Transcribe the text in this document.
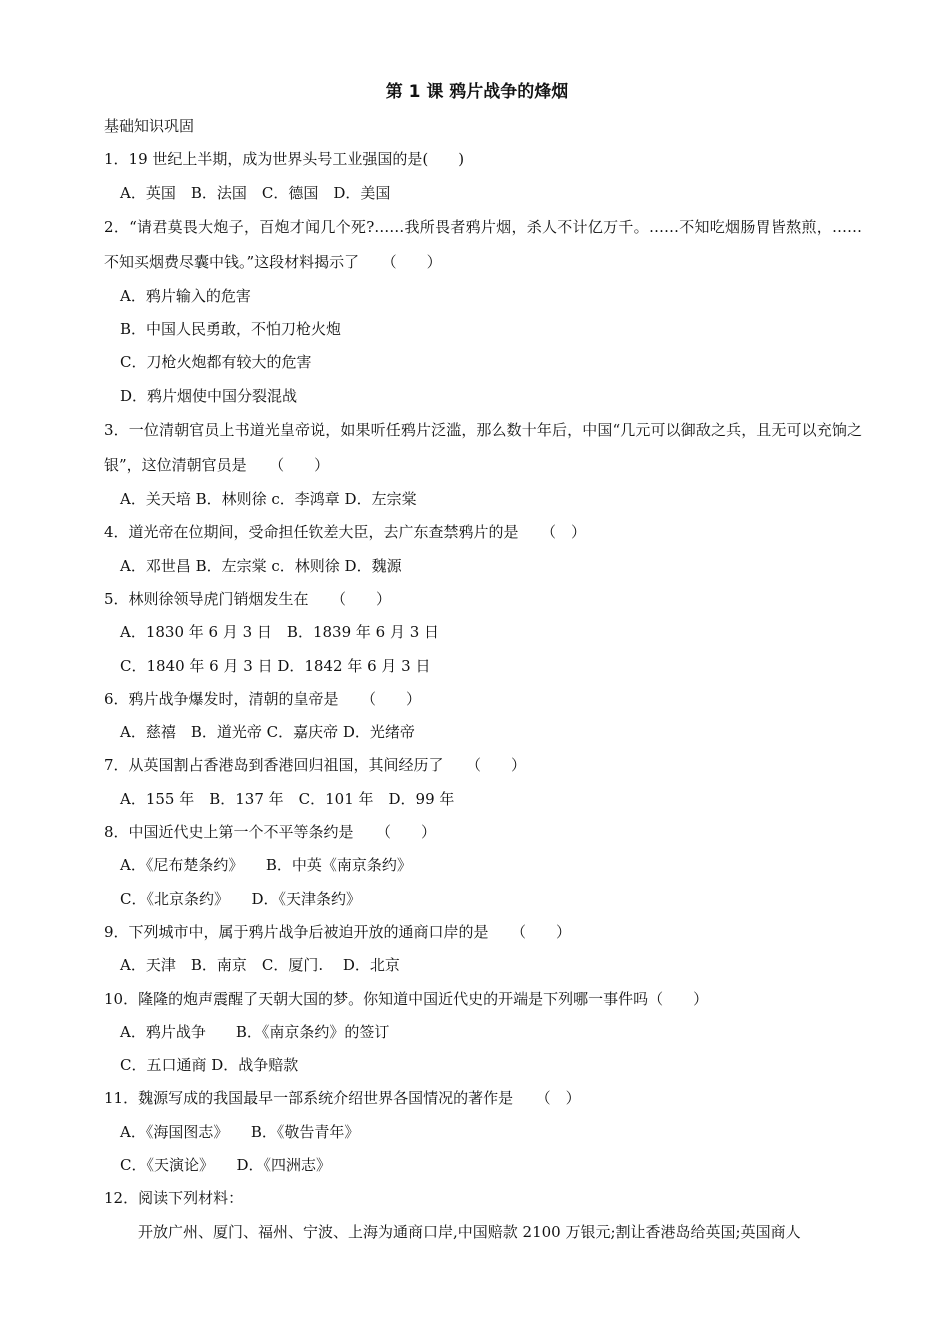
第 1 课 鸦片战争的烽烟
基础知识巩固
1．19 世纪上半期，成为世界头号工业强国的是(　　)
A．英国　B．法国　C．德国　D．美国
2．“请君莫畏大炮子，百炮才闻几个死?……我所畏者鸦片烟，杀人不计亿万千。……不知吃烟肠胃皆熬煎，……不知买烟费尽囊中钱。”这段材料揭示了　　（　　）
A．鸦片输入的危害
B．中国人民勇敢，不怕刀枪火炮
C．刀枪火炮都有较大的危害
D．鸦片烟使中国分裂混战
3．一位清朝官员上书道光皇帝说，如果听任鸦片泛滥，那么数十年后，中国“几元可以御敌之兵，且无可以充饷之银”，这位清朝官员是　　（　　）
A．关天培 B．林则徐 c．李鸿章 D．左宗棠
4．道光帝在位期间，受命担任钦差大臣，去广东查禁鸦片的是　　（　）
A．邓世昌 B．左宗棠 c．林则徐 D．魏源
5．林则徐领导虎门销烟发生在　　（　　）
A．1830 年 6 月 3 日　B．1839 年 6 月 3 日
C．1840 年 6 月 3 日 D．1842 年 6 月 3 日
6．鸦片战争爆发时，清朝的皇帝是　　（　　）
A．慈禧　B．道光帝 C．嘉庆帝 D．光绪帝
7．从英国割占香港岛到香港回归祖国，其间经历了　　（　　）
A．155 年　B．137 年　C．101 年　D．99 年
8．中国近代史上第一个不平等条约是　　（　　）
A．《尼布楚条约》　　B．中英《南京条约》
C．《北京条约》　　D．《天津条约》
9．下列城市中，属于鸦片战争后被迫开放的通商口岸的是　　（　　）
A．天津　B．南京　C．厦门.　 D．北京
10．隆隆的炮声震醒了天朝大国的梦。你知道中国近代史的开端是下列哪一事件吗（　　）
A．鸦片战争　　B．《南京条约》的签订
C．五口通商 D．战争赔款
11．魏源写成的我国最早一部系统介绍世界各国情况的著作是　　（　）
A．《海国图志》　　B．《敬告青年》
C．《天演论》　　D．《四洲志》
12．阅读下列材料：
开放广州、厦门、福州、宁波、上海为通商口岸,中国赔款 2100 万银元;割让香港岛给英国;英国商人
